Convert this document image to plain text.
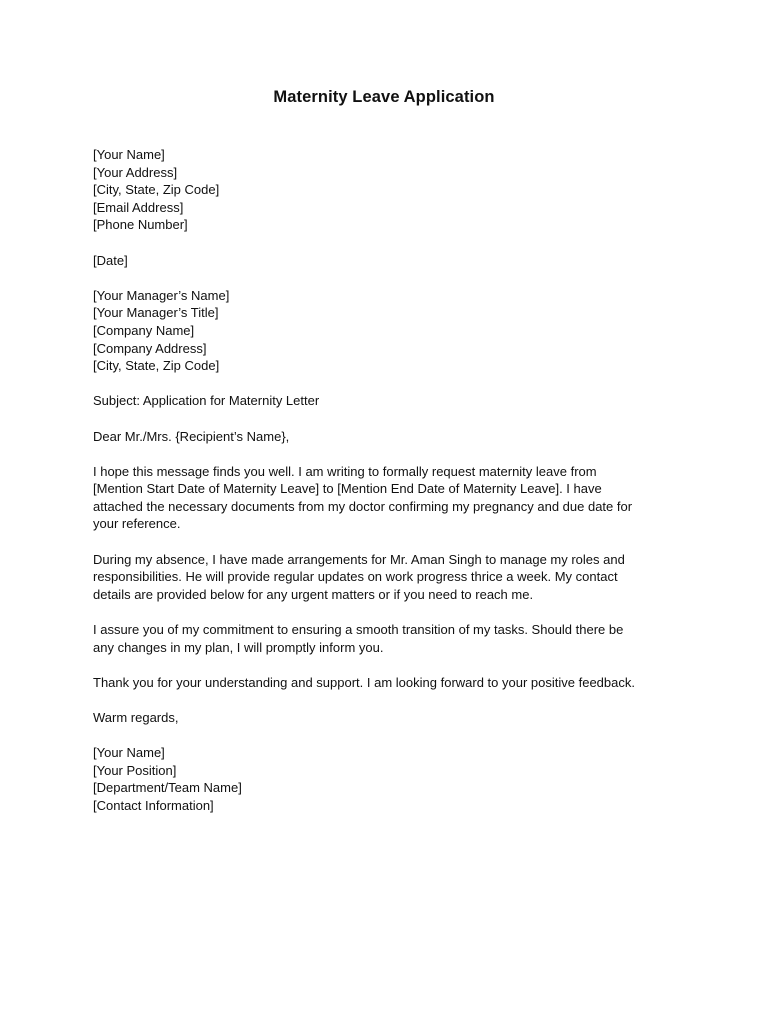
Maternity Leave Application
[Your Name]
[Your Address]
[City, State, Zip Code]
[Email Address]
[Phone Number]
[Date]
[Your Manager’s Name]
[Your Manager’s Title]
[Company Name]
[Company Address]
[City, State, Zip Code]
Subject: Application for Maternity Letter
Dear Mr./Mrs. {Recipient’s Name},
I hope this message finds you well. I am writing to formally request maternity leave from
[Mention Start Date of Maternity Leave] to [Mention End Date of Maternity Leave]. I have
attached the necessary documents from my doctor confirming my pregnancy and due date for
your reference.
During my absence, I have made arrangements for Mr. Aman Singh to manage my roles and
responsibilities. He will provide regular updates on work progress thrice a week. My contact
details are provided below for any urgent matters or if you need to reach me.
I assure you of my commitment to ensuring a smooth transition of my tasks. Should there be
any changes in my plan, I will promptly inform you.
Thank you for your understanding and support. I am looking forward to your positive feedback.
Warm regards,
[Your Name]
[Your Position]
[Department/Team Name]
[Contact Information]
